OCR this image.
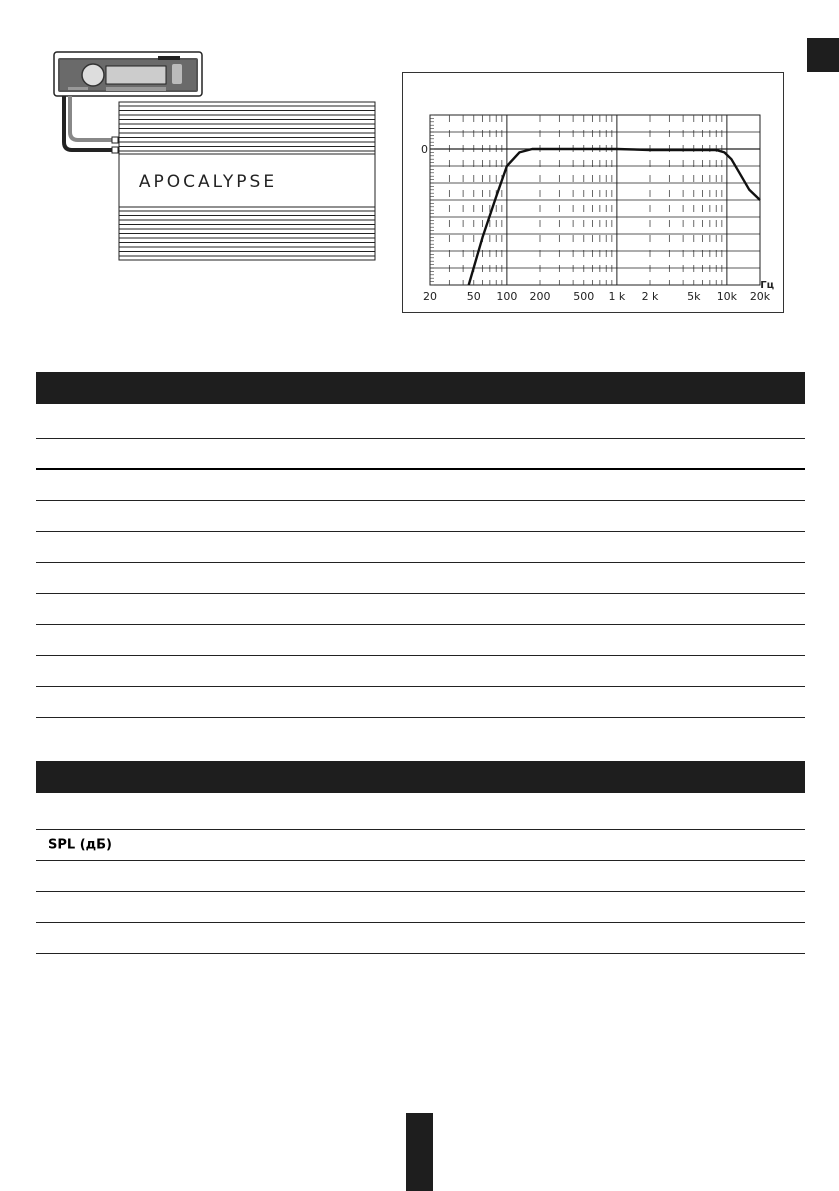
APOCALYPSE
0
20	50 100 200 500 1 k 2 k	5k 10k 20k
Гц
SPL (дБ)
